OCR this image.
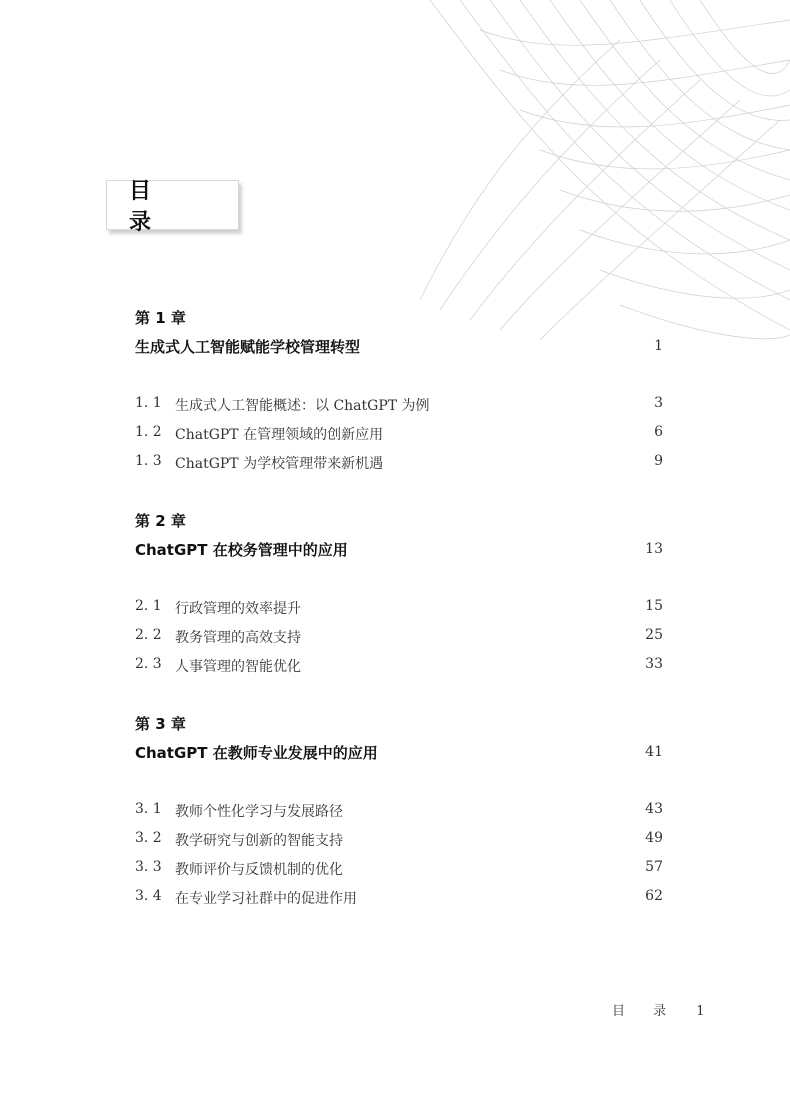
目 录
第 1 章
生成式人工智能赋能学校管理转型	1
1. 1 生成式人工智能概述：以 ChatGPT 为例	3
1. 2 ChatGPT 在管理领域的创新应用	6
1. 3 ChatGPT 为学校管理带来新机遇	9
第 2 章
ChatGPT 在校务管理中的应用	13
2. 1 行政管理的效率提升	15
2. 2 教务管理的高效支持	25
2. 3 人事管理的智能优化	33
第 3 章
ChatGPT 在教师专业发展中的应用	41
3. 1 教师个性化学习与发展路径	43
3. 2 教学研究与创新的智能支持	49
3. 3 教师评价与反馈机制的优化	57
3. 4 在专业学习社群中的促进作用	62
目 录 1
